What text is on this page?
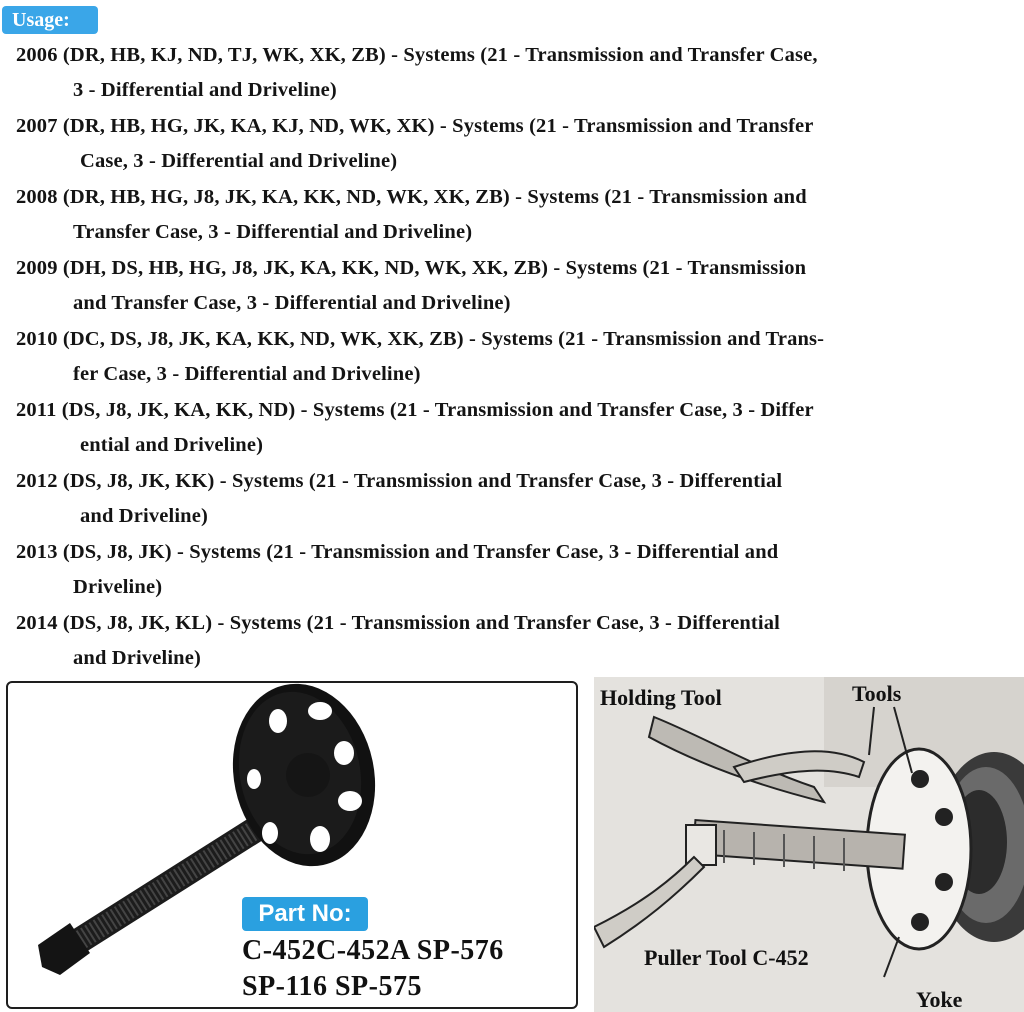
Usage:
2006 (DR, HB, KJ, ND, TJ, WK, XK, ZB) - Systems (21 - Transmission and Transfer Case,
3 - Differential and Driveline)
2007 (DR, HB, HG, JK, KA, KJ, ND, WK, XK) - Systems (21 - Transmission and Transfer
Case, 3 - Differential and Driveline)
2008 (DR, HB, HG, J8, JK, KA, KK, ND, WK, XK, ZB) - Systems (21 - Transmission and
Transfer Case, 3 - Differential and Driveline)
2009 (DH, DS, HB, HG, J8, JK, KA, KK, ND, WK, XK, ZB) - Systems (21 - Transmission
and Transfer Case, 3 - Differential and Driveline)
2010 (DC, DS, J8, JK, KA, KK, ND, WK, XK, ZB) - Systems (21 - Transmission and Trans-
fer Case, 3 - Differential and Driveline)
2011 (DS, J8, JK, KA, KK, ND) - Systems (21 - Transmission and Transfer Case, 3 - Differ
ential and Driveline)
2012 (DS, J8, JK, KK) - Systems (21 - Transmission and Transfer Case, 3 - Differential
and Driveline)
2013 (DS, J8, JK) - Systems (21 - Transmission and Transfer Case, 3 - Differential and
Driveline)
2014 (DS, J8, JK, KL) - Systems (21 - Transmission and Transfer Case, 3 - Differential
and Driveline)
Part No:
C-452C-452A SP-576
SP-116 SP-575
Holding Tool	Tools
Puller Tool C-452
Yoke
